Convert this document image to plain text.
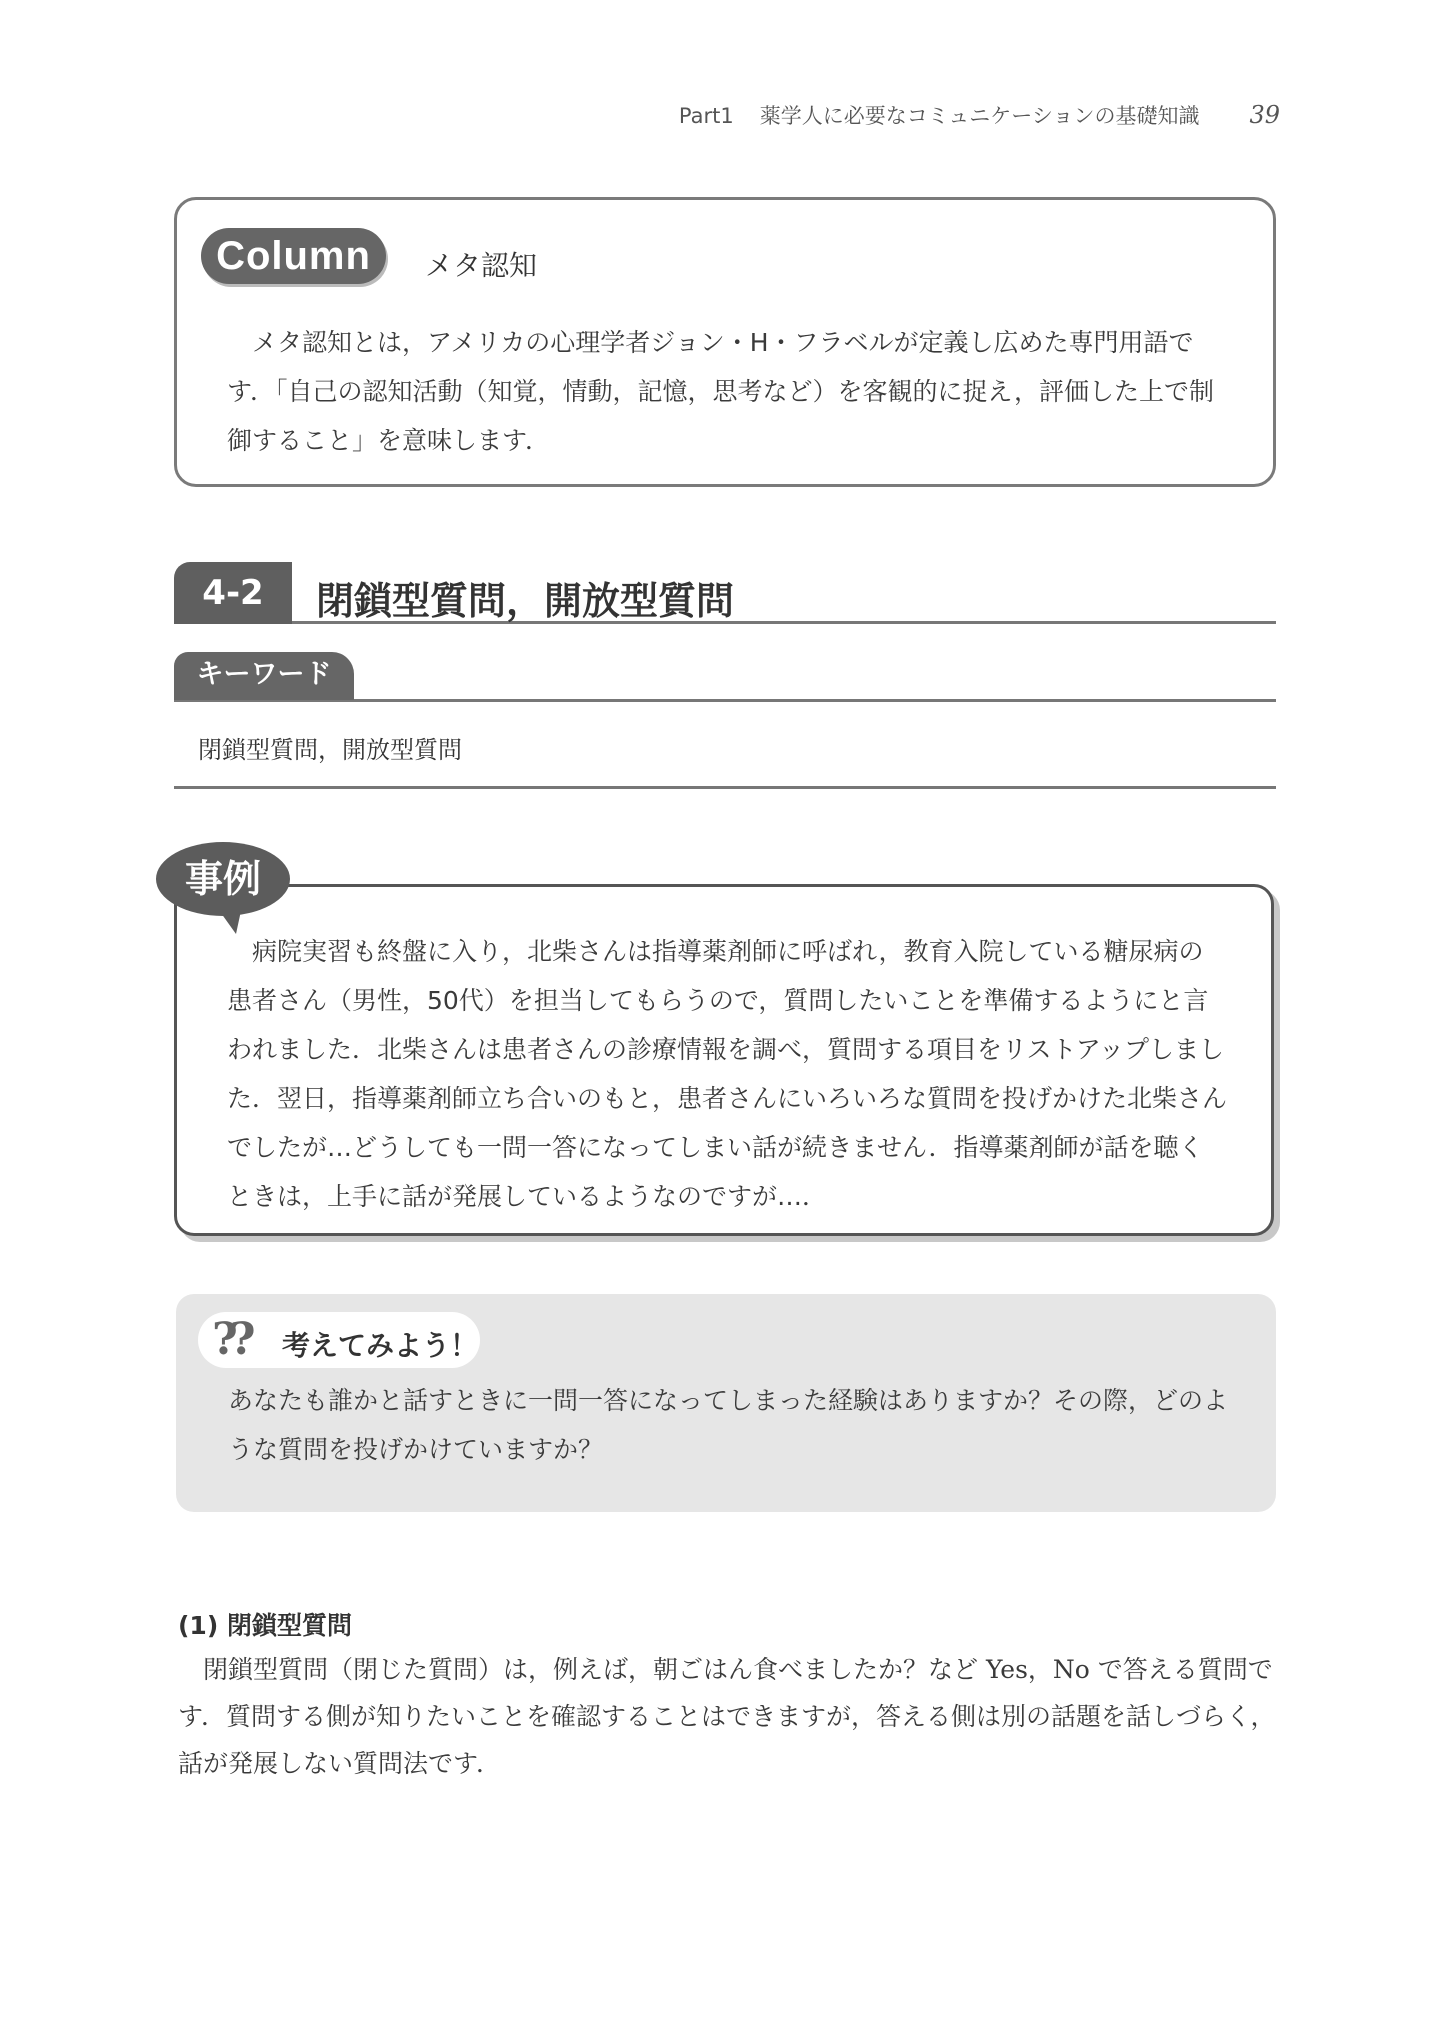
Part1 薬学人に必要なコミュニケーションの基礎知識 39
Column	メタ認知

メタ認知とは，アメリカの心理学者ジョン・H・フラベルが定義し広めた専門用語です．「自己の認知活動（知覚，情動，記憶，思考など）を客観的に捉え，評価した上で制御すること」を意味します．

4-2	閉鎖型質問，開放型質問
キーワード
閉鎖型質問，開放型質問
事例

病院実習も終盤に入り，北柴さんは指導薬剤師に呼ばれ，教育入院している糖尿病の患者さん（男性，50代）を担当してもらうので，質問したいことを準備するようにと言われました．北柴さんは患者さんの診療情報を調べ，質問する項目をリストアップしました．翌日，指導薬剤師立ち合いのもと，患者さんにいろいろな質問を投げかけた北柴さんでしたが…どうしても一問一答になってしまい話が続きません．指導薬剤師が話を聴くときは，上手に話が発展しているようなのですが…．

?? 考えてみよう！

あなたも誰かと話すときに一問一答になってしまった経験はありますか？その際，どのような質問を投げかけていますか？

(1) 閉鎖型質問

閉鎖型質問（閉じた質問）は，例えば，朝ごはん食べましたか？など Yes，No で答える質問です．質問する側が知りたいことを確認することはできますが，答える側は別の話題を話しづらく，話が発展しない質問法です．
